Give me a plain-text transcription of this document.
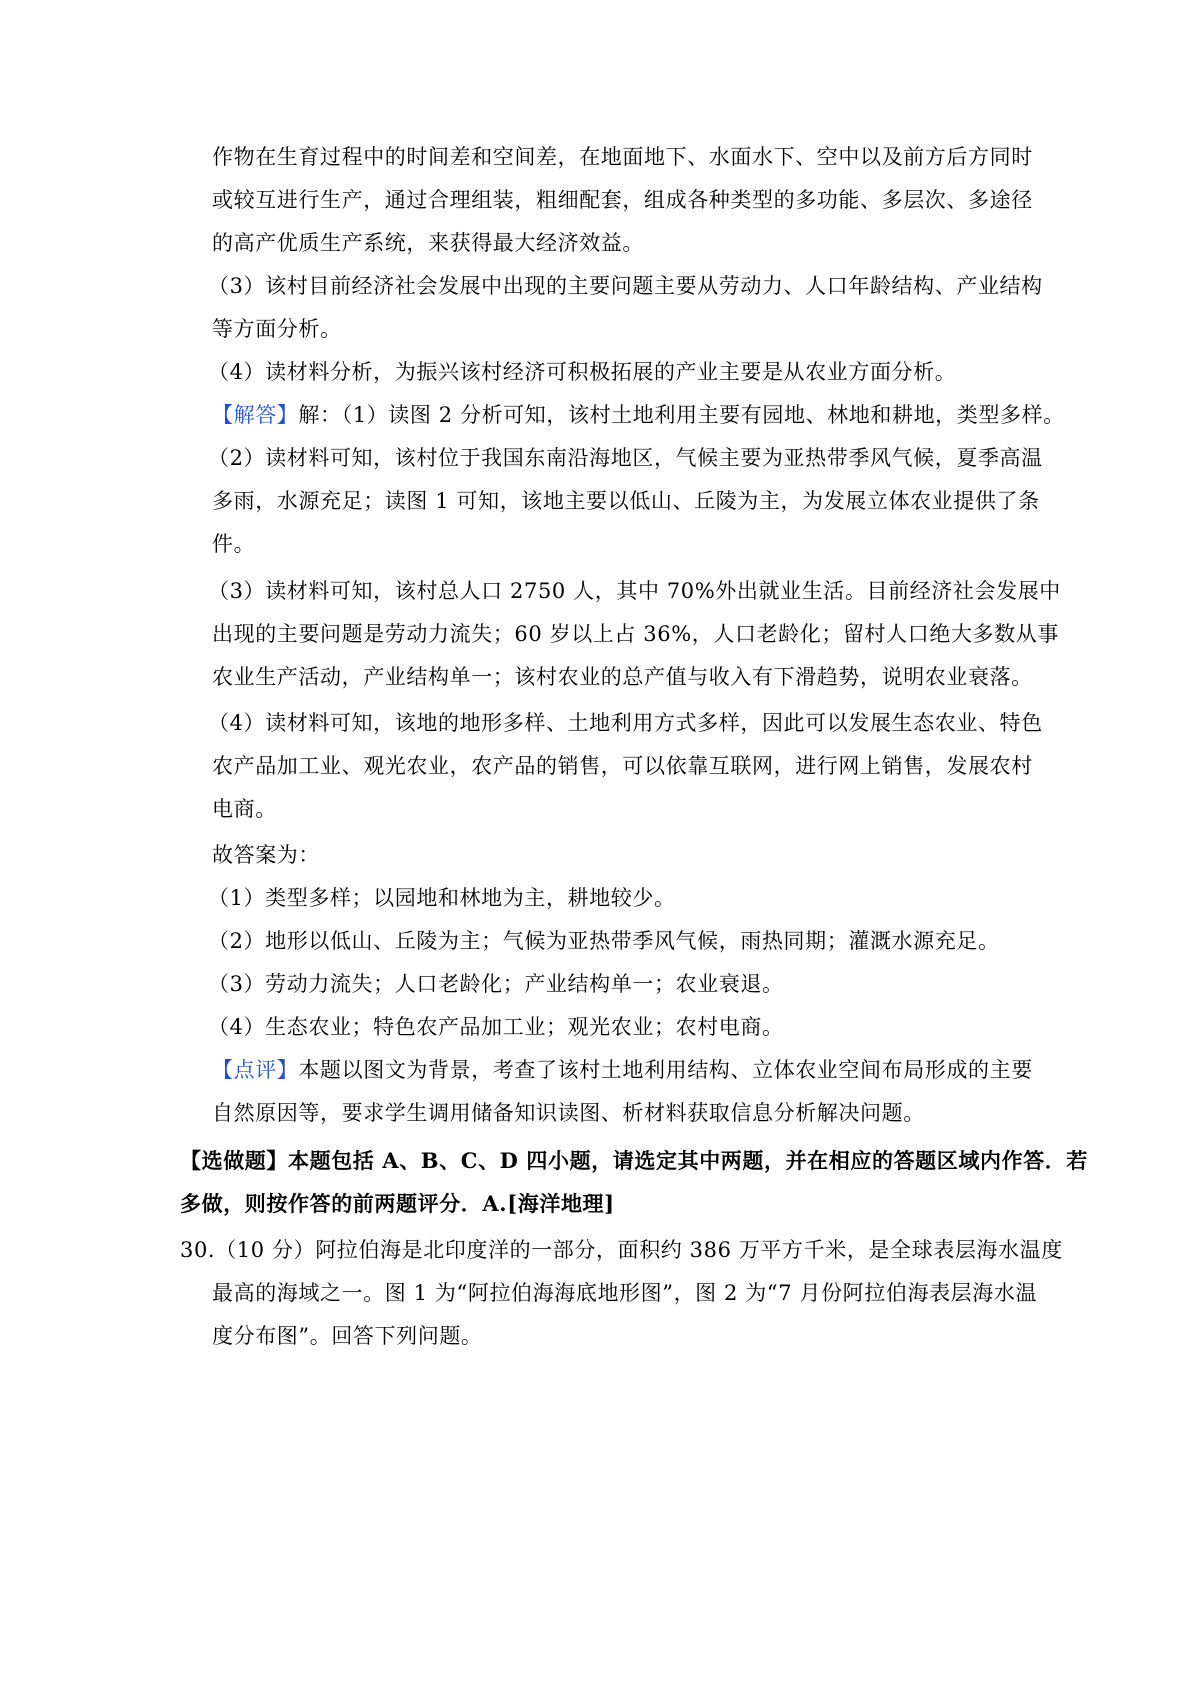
作物在生育过程中的时间差和空间差，在地面地下、水面水下、空中以及前方后方同时
或较互进行生产，通过合理组装，粗细配套，组成各种类型的多功能、多层次、多途径
的高产优质生产系统，来获得最大经济效益。
（3）该村目前经济社会发展中出现的主要问题主要从劳动力、人口年龄结构、产业结构
等方面分析。
（4）读材料分析，为振兴该村经济可积极拓展的产业主要是从农业方面分析。
【解答】解：（1）读图 2 分析可知，该村土地利用主要有园地、林地和耕地，类型多样。
（2）读材料可知，该村位于我国东南沿海地区，气候主要为亚热带季风气候，夏季高温
多雨，水源充足；读图 1 可知，该地主要以低山、丘陵为主，为发展立体农业提供了条
件。
（3）读材料可知，该村总人口 2750 人，其中 70%外出就业生活。目前经济社会发展中
出现的主要问题是劳动力流失；60 岁以上占 36%，人口老龄化；留村人口绝大多数从事
农业生产活动，产业结构单一；该村农业的总产值与收入有下滑趋势，说明农业衰落。
（4）读材料可知，该地的地形多样、土地利用方式多样，因此可以发展生态农业、特色
农产品加工业、观光农业，农产品的销售，可以依靠互联网，进行网上销售，发展农村
电商。
故答案为：
（1）类型多样；以园地和林地为主，耕地较少。
（2）地形以低山、丘陵为主；气候为亚热带季风气候，雨热同期；灌溉水源充足。
（3）劳动力流失；人口老龄化；产业结构单一；农业衰退。
（4）生态农业；特色农产品加工业；观光农业；农村电商。
【点评】本题以图文为背景，考查了该村土地利用结构、立体农业空间布局形成的主要
自然原因等，要求学生调用储备知识读图、析材料获取信息分析解决问题。
【选做题】本题包括 A、B、C、D 四小题，请选定其中两题，并在相应的答题区域内作答．若
多做，则按作答的前两题评分．A.[海洋地理]
30.（10 分）阿拉伯海是北印度洋的一部分，面积约 386 万平方千米，是全球表层海水温度
最高的海域之一。图 1 为“阿拉伯海海底地形图”，图 2 为“7 月份阿拉伯海表层海水温
度分布图”。回答下列问题。
